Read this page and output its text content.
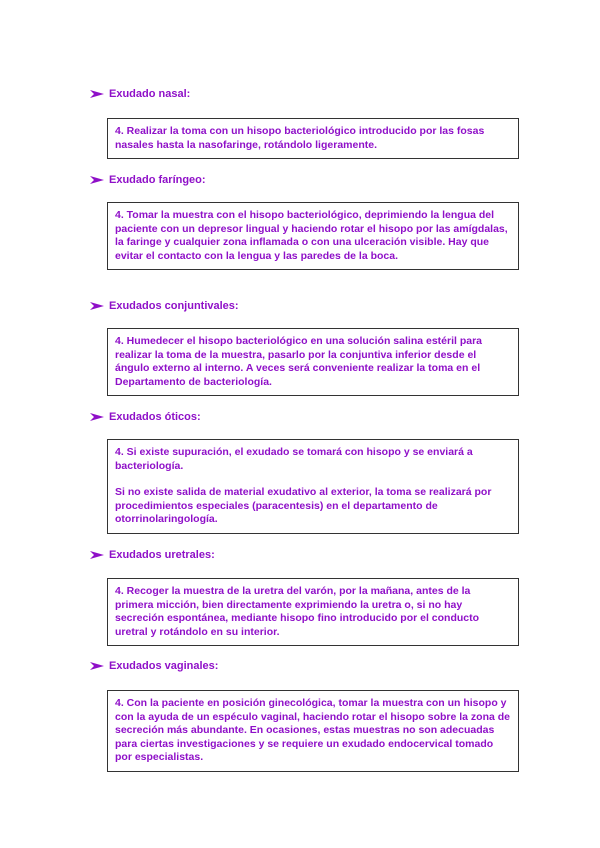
Exudado nasal:

4. Realizar la toma con un hisopo bacteriológico introducido por las fosas nasales hasta la nasofaringe, rotándolo ligeramente.

Exudado faríngeo:

4. Tomar la muestra con el hisopo bacteriológico, deprimiendo la lengua del paciente con un depresor lingual y haciendo rotar el hisopo por las amígdalas, la faringe y cualquier zona inflamada o con una ulceración visible. Hay que evitar el contacto con la lengua y las paredes de la boca.

Exudados conjuntivales:

4. Humedecer el hisopo bacteriológico en una solución salina estéril para realizar la toma de la muestra, pasarlo por la conjuntiva inferior desde el ángulo externo al interno. A veces será conveniente realizar la toma en el Departamento de bacteriología.

Exudados óticos:

4. Si existe supuración, el exudado se tomará con hisopo y se enviará a bacteriología.

Si no existe salida de material exudativo al exterior, la toma se realizará por procedimientos especiales (paracentesis) en el departamento de otorrinolaringología.

Exudados uretrales:

4. Recoger la muestra de la uretra del varón, por la mañana, antes de la primera micción, bien directamente exprimiendo la uretra o, si no hay secreción espontánea, mediante hisopo fino introducido por el conducto uretral y rotándolo en su interior.

Exudados vaginales:

4. Con la paciente en posición ginecológica, tomar la muestra con un hisopo y con la ayuda de un espéculo vaginal, haciendo rotar el hisopo sobre la zona de secreción más abundante. En ocasiones, estas muestras no son adecuadas para ciertas investigaciones y se requiere un exudado endocervical tomado por especialistas.
